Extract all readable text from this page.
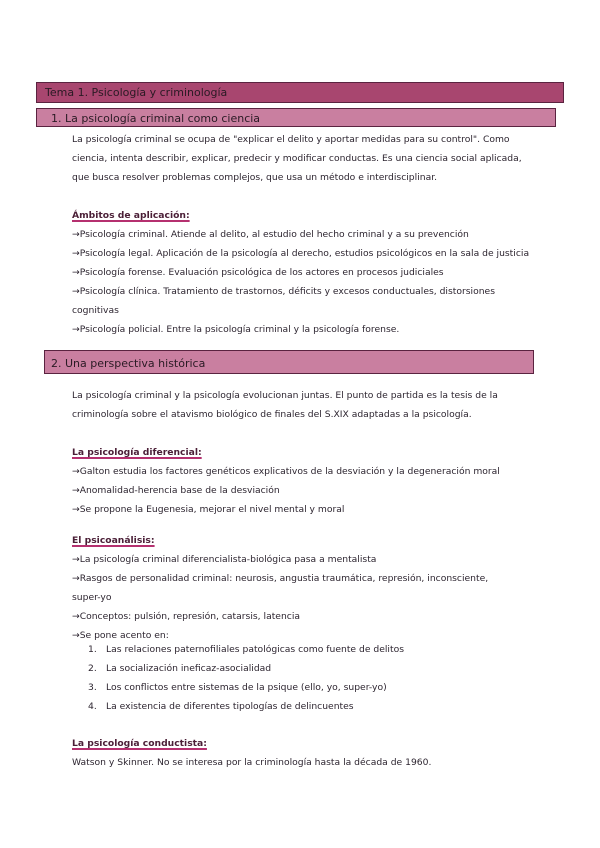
Tema 1. Psicología y criminología
1. La psicología criminal como ciencia

La psicología criminal se ocupa de "explicar el delito y aportar medidas para su control". Como

ciencia, intenta describir, explicar, predecir y modificar conductas. Es una ciencia social aplicada,

que busca resolver problemas complejos, que usa un método e interdisciplinar.

Ámbitos de aplicación:

→Psicología criminal. Atiende al delito, al estudio del hecho criminal y a su prevención
→Psicología legal. Aplicación de la psicología al derecho, estudios psicológicos en la sala de justicia
→Psicología forense. Evaluación psicológica de los actores en procesos judiciales
→Psicología clínica. Tratamiento de trastornos, déficits y excesos conductuales, distorsiones
cognitivas
→Psicología policial. Entre la psicología criminal y la psicología forense.
2. Una perspectiva histórica

La psicología criminal y la psicología evolucionan juntas. El punto de partida es la tesis de la

criminología sobre el atavismo biológico de finales del S.XIX adaptadas a la psicología.

La psicología diferencial:

→Galton estudia los factores genéticos explicativos de la desviación y la degeneración moral
→Anomalidad-herencia base de la desviación
→Se propone la Eugenesia, mejorar el nivel mental y moral

El psicoanálisis:

→La psicología criminal diferencialista-biológica pasa a mentalista
→Rasgos de personalidad criminal: neurosis, angustia traumática, represión, inconsciente,
super-yo
→Conceptos: pulsión, represión, catarsis, latencia
→Se pone acento en:
1. Las relaciones paternofiliales patológicas como fuente de delitos
2. La socialización ineficaz-asocialidad
3. Los conflictos entre sistemas de la psique (ello, yo, super-yo)
4. La existencia de diferentes tipologías de delincuentes

La psicología conductista:

Watson y Skinner. No se interesa por la criminología hasta la década de 1960.
